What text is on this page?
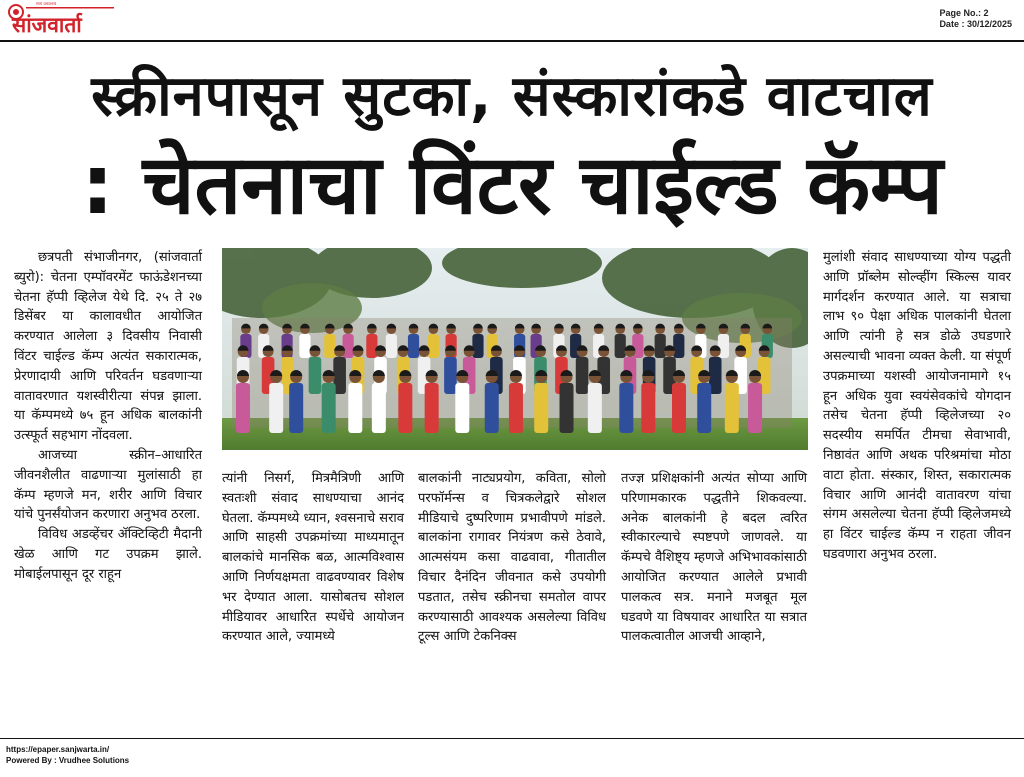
सत्य प्रकाशाचे
सांजवार्ता	Page No.: 2
Date : 30/12/2025
स्क्रीनपासून सुटका, संस्कारांकडे वाटचाल
: चेतनाचा विंटर चाईल्ड कॅम्प

छत्रपती संभाजीनगर, (सांजवार्ता ब्युरो): चेतना एम्पॉवरमेंट फाऊंडेशनच्या चेतना हॅप्पी व्हिलेज येथे दि. २५ ते २७ डिसेंबर या कालावधीत आयोजित करण्यात आलेला ३ दिवसीय निवासी विंटर चाईल्ड कॅम्प अत्यंत सकारात्मक, प्रेरणादायी आणि परिवर्तन घडवणाऱ्या वातावरणात यशस्वीरीत्या संपन्न झाला. या कॅम्पमध्ये ७५ हून अधिक बालकांनी उत्स्फूर्त सहभाग नोंदवला.

आजच्या स्क्रीन–आधारित जीवनशैलीत वाढणाऱ्या मुलांसाठी हा कॅम्प म्हणजे मन, शरीर आणि विचार यांचे पुनर्संयोजन करणारा अनुभव ठरला.

विविध अडव्हेंचर ॲक्टिव्हिटी मैदानी खेळ आणि गट उपक्रम झाले. मोबाईलपासून दूर राहून

त्यांनी निसर्ग, मित्रमैत्रिणी आणि स्वतःशी संवाद साधण्याचा आनंद घेतला. कॅम्पमध्ये ध्यान, श्वसनाचे सराव आणि साहसी उपक्रमांच्या माध्यमातून बालकांचे मानसिक बळ, आत्मविश्वास आणि निर्णयक्षमता वाढवण्यावर विशेष भर देण्यात आला. यासोबतच सोशल मीडियावर आधारित स्पर्धेचे आयोजन करण्यात आले, ज्यामध्ये

बालकांनी नाट्यप्रयोग, कविता, सोलो परफॉर्मन्स व चित्रकलेद्वारे सोशल मीडियाचे दुष्परिणाम प्रभावीपणे मांडले. बालकांना रागावर नियंत्रण कसे ठेवावे, आत्मसंयम कसा वाढवावा, गीतातील विचार दैनंदिन जीवनात कसे उपयोगी पडतात, तसेच स्क्रीनचा समतोल वापर करण्यासाठी आवश्यक असलेल्या विविध टूल्स आणि टेकनिक्स

तज्ज्ञ प्रशिक्षकांनी अत्यंत सोप्या आणि परिणामकारक पद्धतीने शिकवल्या. अनेक बालकांनी हे बदल त्वरित स्वीकारल्याचे स्पष्टपणे जाणवले. या कॅम्पचे वैशिष्ट्य म्हणजे अभिभावकांसाठी आयोजित करण्यात आलेले प्रभावी पालकत्व सत्र. मनाने मजबूत मूल घडवणे या विषयावर आधारित या सत्रात पालकत्वातील आजची आव्हाने,

मुलांशी संवाद साधण्याच्या योग्य पद्धती आणि प्रॉब्लेम सोल्व्हींग स्किल्स यावर मार्गदर्शन करण्यात आले. या सत्राचा लाभ ९० पेक्षा अधिक पालकांनी घेतला आणि त्यांनी हे सत्र डोळे उघडणारे असल्याची भावना व्यक्त केली. या संपूर्ण उपक्रमाच्या यशस्वी आयोजनामागे १५ हून अधिक युवा स्वयंसेवकांचे योगदान तसेच चेतना हॅप्पी व्हिलेजच्या २० सदस्यीय समर्पित टीमचा सेवाभावी, निष्ठावंत आणि अथक परिश्रमांचा मोठा वाटा होता. संस्कार, शिस्त, सकारात्मक विचार आणि आनंदी वातावरण यांचा संगम असलेल्या चेतना हॅप्पी व्हिलेजमध्ये हा विंटर चाईल्ड कॅम्प न राहता जीवन घडवणारा अनुभव ठरला.

https://epaper.sanjwarta.in/
Powered By : Vrudhee Solutions
